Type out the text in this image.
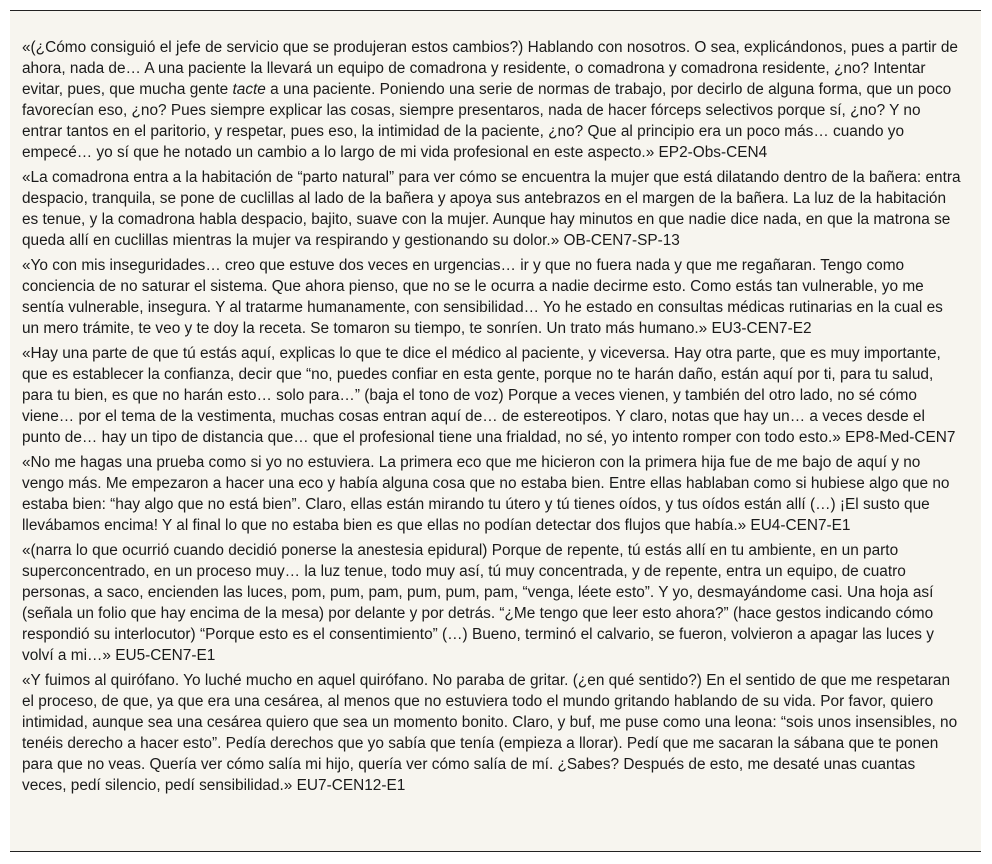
«(¿Cómo consiguió el jefe de servicio que se produjeran estos cambios?) Hablando con nosotros. O sea, explicándonos, pues a partir de ahora, nada de… A una paciente la llevará un equipo de comadrona y residente, o comadrona y comadrona residente, ¿no? Intentar evitar, pues, que mucha gente tacte a una paciente. Poniendo una serie de normas de trabajo, por decirlo de alguna forma, que un poco favorecían eso, ¿no? Pues siempre explicar las cosas, siempre presentaros, nada de hacer fórceps selectivos porque sí, ¿no? Y no entrar tantos en el paritorio, y respetar, pues eso, la intimidad de la paciente, ¿no? Que al principio era un poco más… cuando yo empecé… yo sí que he notado un cambio a lo largo de mi vida profesional en este aspecto.» EP2-Obs-CEN4

«La comadrona entra a la habitación de “parto natural” para ver cómo se encuentra la mujer que está dilatando dentro de la bañera: entra despacio, tranquila, se pone de cuclillas al lado de la bañera y apoya sus antebrazos en el margen de la bañera. La luz de la habitación es tenue, y la comadrona habla despacio, bajito, suave con la mujer. Aunque hay minutos en que nadie dice nada, en que la matrona se queda allí en cuclillas mientras la mujer va respirando y gestionando su dolor.» OB-CEN7-SP-13

«Yo con mis inseguridades… creo que estuve dos veces en urgencias… ir y que no fuera nada y que me regañaran. Tengo como conciencia de no saturar el sistema. Que ahora pienso, que no se le ocurra a nadie decirme esto. Como estás tan vulnerable, yo me sentía vulnerable, insegura. Y al tratarme humanamente, con sensibilidad… Yo he estado en consultas médicas rutinarias en la cual es un mero trámite, te veo y te doy la receta. Se tomaron su tiempo, te sonríen. Un trato más humano.» EU3-CEN7-E2

«Hay una parte de que tú estás aquí, explicas lo que te dice el médico al paciente, y viceversa. Hay otra parte, que es muy importante, que es establecer la confianza, decir que “no, puedes confiar en esta gente, porque no te harán daño, están aquí por ti, para tu salud, para tu bien, es que no harán esto… solo para…” (baja el tono de voz) Porque a veces vienen, y también del otro lado, no sé cómo viene… por el tema de la vestimenta, muchas cosas entran aquí de… de estereotipos. Y claro, notas que hay un… a veces desde el punto de… hay un tipo de distancia que… que el profesional tiene una frialdad, no sé, yo intento romper con todo esto.» EP8-Med-CEN7

«No me hagas una prueba como si yo no estuviera. La primera eco que me hicieron con la primera hija fue de me bajo de aquí y no vengo más. Me empezaron a hacer una eco y había alguna cosa que no estaba bien. Entre ellas hablaban como si hubiese algo que no estaba bien: “hay algo que no está bien”. Claro, ellas están mirando tu útero y tú tienes oídos, y tus oídos están allí (…) ¡El susto que llevábamos encima! Y al final lo que no estaba bien es que ellas no podían detectar dos flujos que había.» EU4-CEN7-E1

«(narra lo que ocurrió cuando decidió ponerse la anestesia epidural) Porque de repente, tú estás allí en tu ambiente, en un parto superconcentrado, en un proceso muy… la luz tenue, todo muy así, tú muy concentrada, y de repente, entra un equipo, de cuatro personas, a saco, encienden las luces, pom, pum, pam, pum, pum, pam, “venga, léete esto”. Y yo, desmayándome casi. Una hoja así (señala un folio que hay encima de la mesa) por delante y por detrás. “¿Me tengo que leer esto ahora?” (hace gestos indicando cómo respondió su interlocutor) “Porque esto es el consentimiento” (…) Bueno, terminó el calvario, se fueron, volvieron a apagar las luces y volví a mi…» EU5-CEN7-E1

«Y fuimos al quirófano. Yo luché mucho en aquel quirófano. No paraba de gritar. (¿en qué sentido?) En el sentido de que me respetaran el proceso, de que, ya que era una cesárea, al menos que no estuviera todo el mundo gritando hablando de su vida. Por favor, quiero intimidad, aunque sea una cesárea quiero que sea un momento bonito. Claro, y buf, me puse como una leona: “sois unos insensibles, no tenéis derecho a hacer esto”. Pedía derechos que yo sabía que tenía (empieza a llorar). Pedí que me sacaran la sábana que te ponen para que no veas. Quería ver cómo salía mi hijo, quería ver cómo salía de mí. ¿Sabes? Después de esto, me desaté unas cuantas veces, pedí silencio, pedí sensibilidad.» EU7-CEN12-E1
